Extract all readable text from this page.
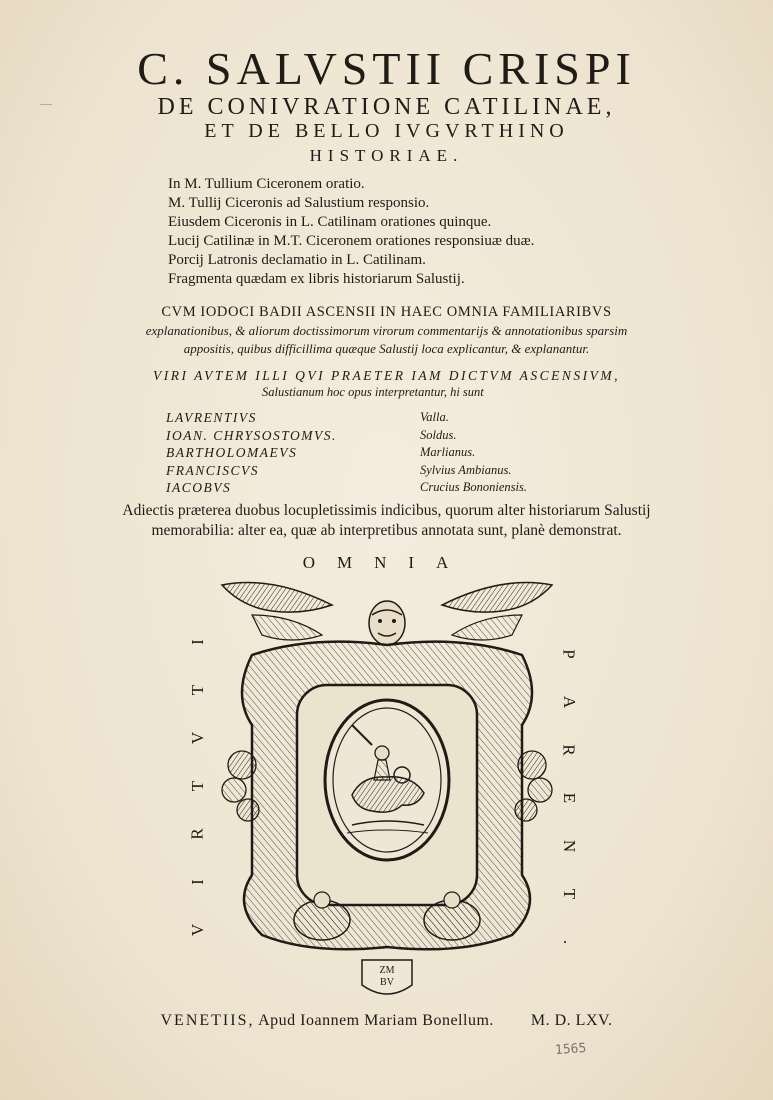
C. SALVSTII CRISPI
DE CONIVRATIONE CATILINAE,
ET DE BELLO IVGVRTHINO
HISTORIAE.
In M. Tullium Ciceronem oratio.
M. Tullij Ciceronis ad Salustium responsio.
Eiusdem Ciceronis in L. Catilinam orationes quinque.
Lucij Catilinæ in M.T. Ciceronem orationes responsiuæ duæ.
Porcij Latronis declamatio in L. Catilinam.
Fragmenta quædam ex libris historiarum Salustij.
CVM IODOCI BADII ASCENSII IN HAEC OMNIA FAMILIARIBVS
explanationibus, & aliorum doctissimorum virorum commentarijs & annotationibus sparsim
appositis, quibus difficillima quæque Salustij loca explicantur, & explanantur.
VIRI AVTEM ILLI QVI PRAETER IAM DICTVM ASCENSIVM,
Salustianum hoc opus interpretantur, hi sunt
LAVRENTIVS
IOAN. CHRYSOSTOMVS.
BARTHOLOMAEVS
FRANCISCVS
IACOBVS
Valla.
Soldus.
Marlianus.
Sylvius Ambianus.
Crucius Bononiensis.
Adiectis præterea duobus locupletissimis indicibus, quorum alter historiarum Salustij
memorabilia: alter ea, quæ ab interpretibus annotata sunt, planè demonstrat.
OMNIA
I
T
V
T
R
I
V
P
A
R
E
N
T
.
ZM
BV
VENETIIS, Apud Ioannem Mariam Bonellum. M. D. LXV.
1565
